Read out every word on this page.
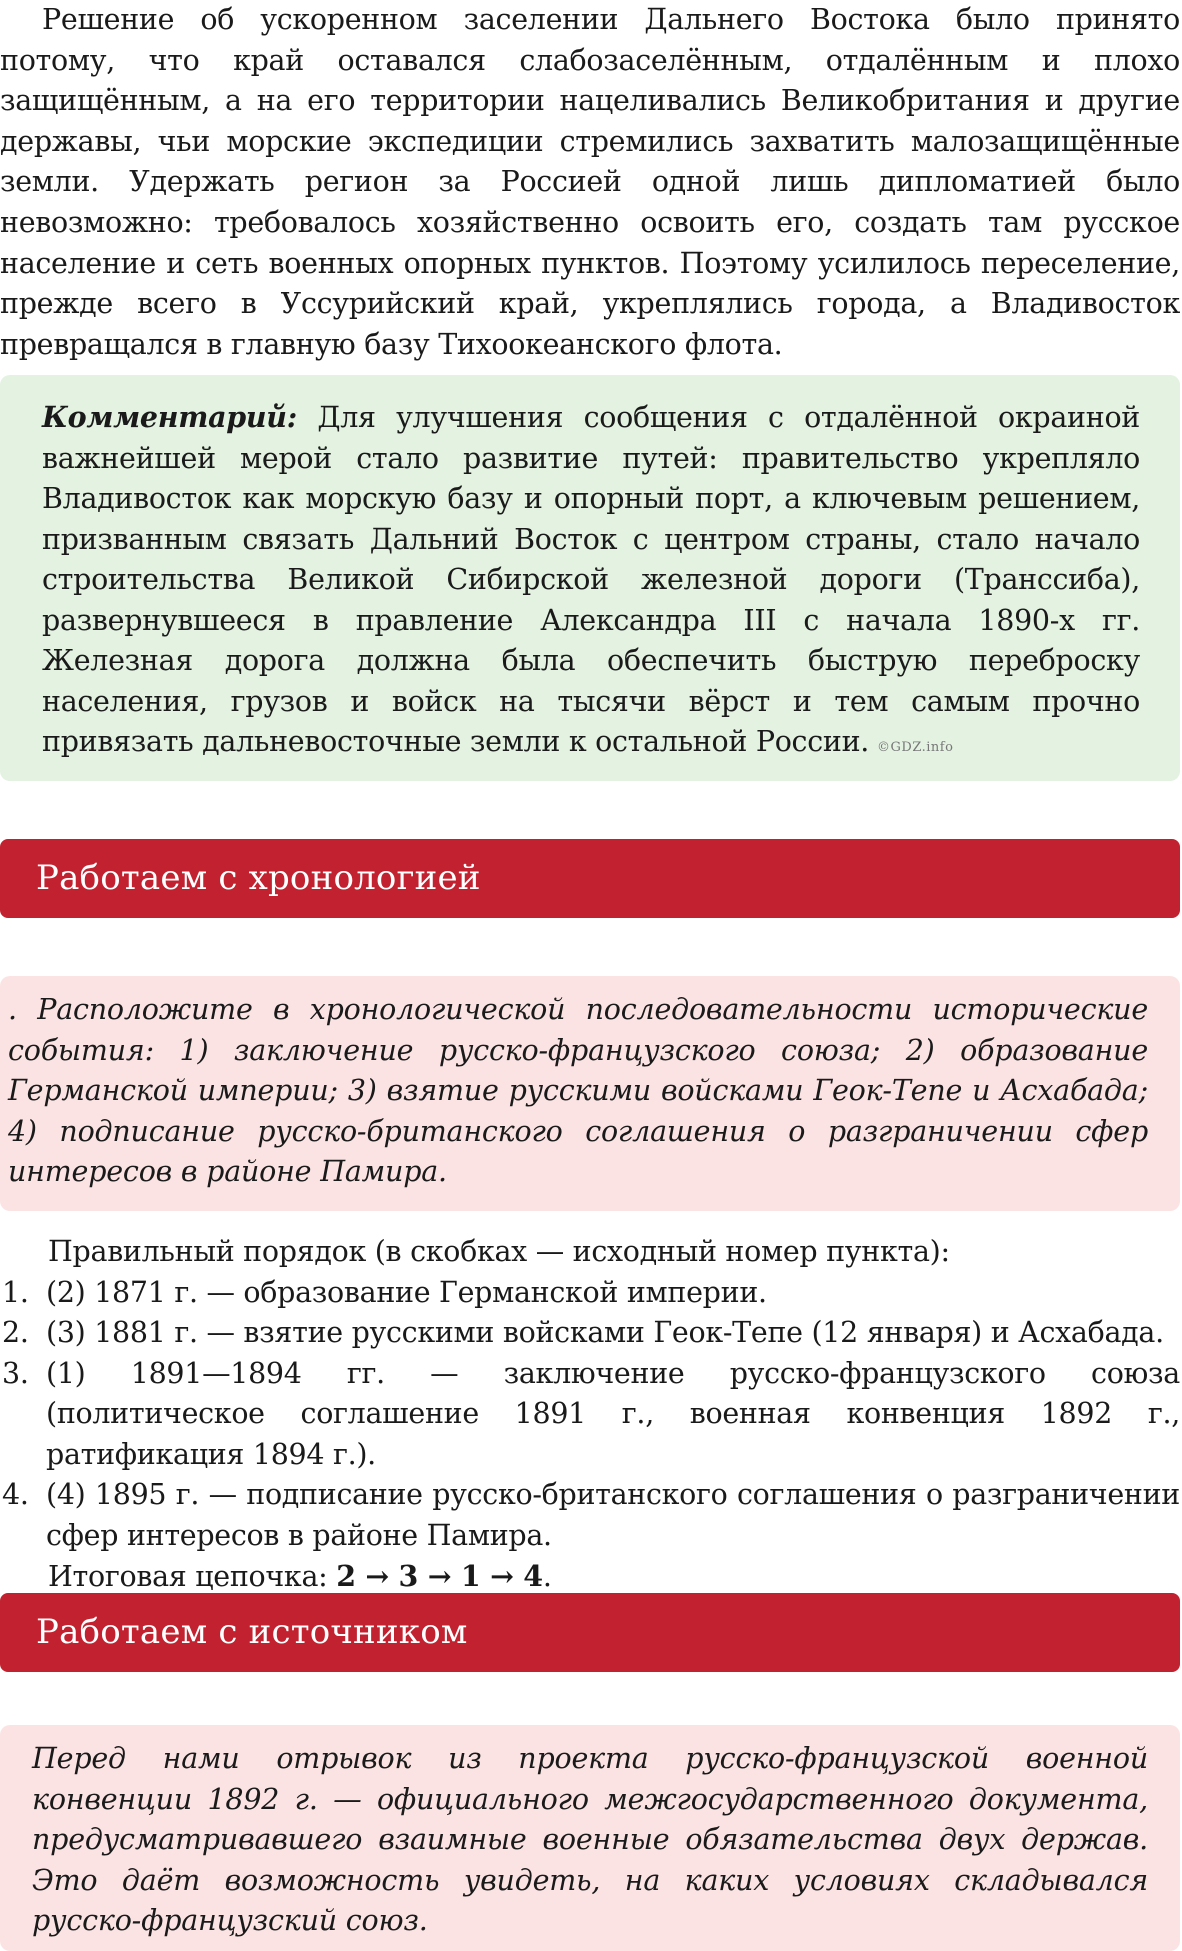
Решение об ускоренном заселении Дальнего Востока было принято потому, что край оставался слабозаселённым, отдалённым и плохо защищённым, а на его территории нацеливались Великобритания и другие державы, чьи морские экспедиции стремились захватить малозащищённые земли. Удержать регион за Россией одной лишь дипломатией было невозможно: требовалось хозяйственно освоить его, создать там русское население и сеть военных опорных пунктов. Поэтому усилилось переселение, прежде всего в Уссурийский край, укреплялись города, а Владивосток превращался в главную базу Тихоокеанского флота.

Комментарий: Для улучшения сообщения с отдалённой окраиной важнейшей мерой стало развитие путей: правительство укрепляло Владивосток как морскую базу и опорный порт, а ключевым решением, призванным связать Дальний Восток с центром страны, стало начало строительства Великой Сибирской железной дороги (Транссиба), развернувшееся в правление Александра III с начала 1890-х гг. Железная дорога должна была обеспечить быструю переброску населения, грузов и войск на тысячи вёрст и тем самым прочно привязать дальневосточные земли к остальной России. ©GDZ.info

Работаем с хронологией

. Расположите в хронологической последовательности исторические события: 1) заключение русско-французского союза; 2) образование Германской империи; 3) взятие русскими войсками Геок-Тепе и Асхабада; 4) подписание русско-британского соглашения о разграничении сфер интересов в районе Памира.

Правильный порядок (в скобках — исходный номер пункта):

1. (2) 1871 г. — образование Германской империи.
2. (3) 1881 г. — взятие русскими войсками Геок-Тепе (12 января) и Асхабада.
3. (1) 1891—1894 гг. — заключение русско-французского союза (политическое соглашение 1891 г., военная конвенция 1892 г., ратификация 1894 г.).
4. (4) 1895 г. — подписание русско-британского соглашения о разграничении сфер интересов в районе Памира.

Итоговая цепочка: 2 → 3 → 1 → 4.

Работаем с источником

Перед нами отрывок из проекта русско-французской военной конвенции 1892 г. — официального межгосударственного документа, предусматривавшего взаимные военные обязательства двух держав. Это даёт возможность увидеть, на каких условиях складывался русско-французский союз.
